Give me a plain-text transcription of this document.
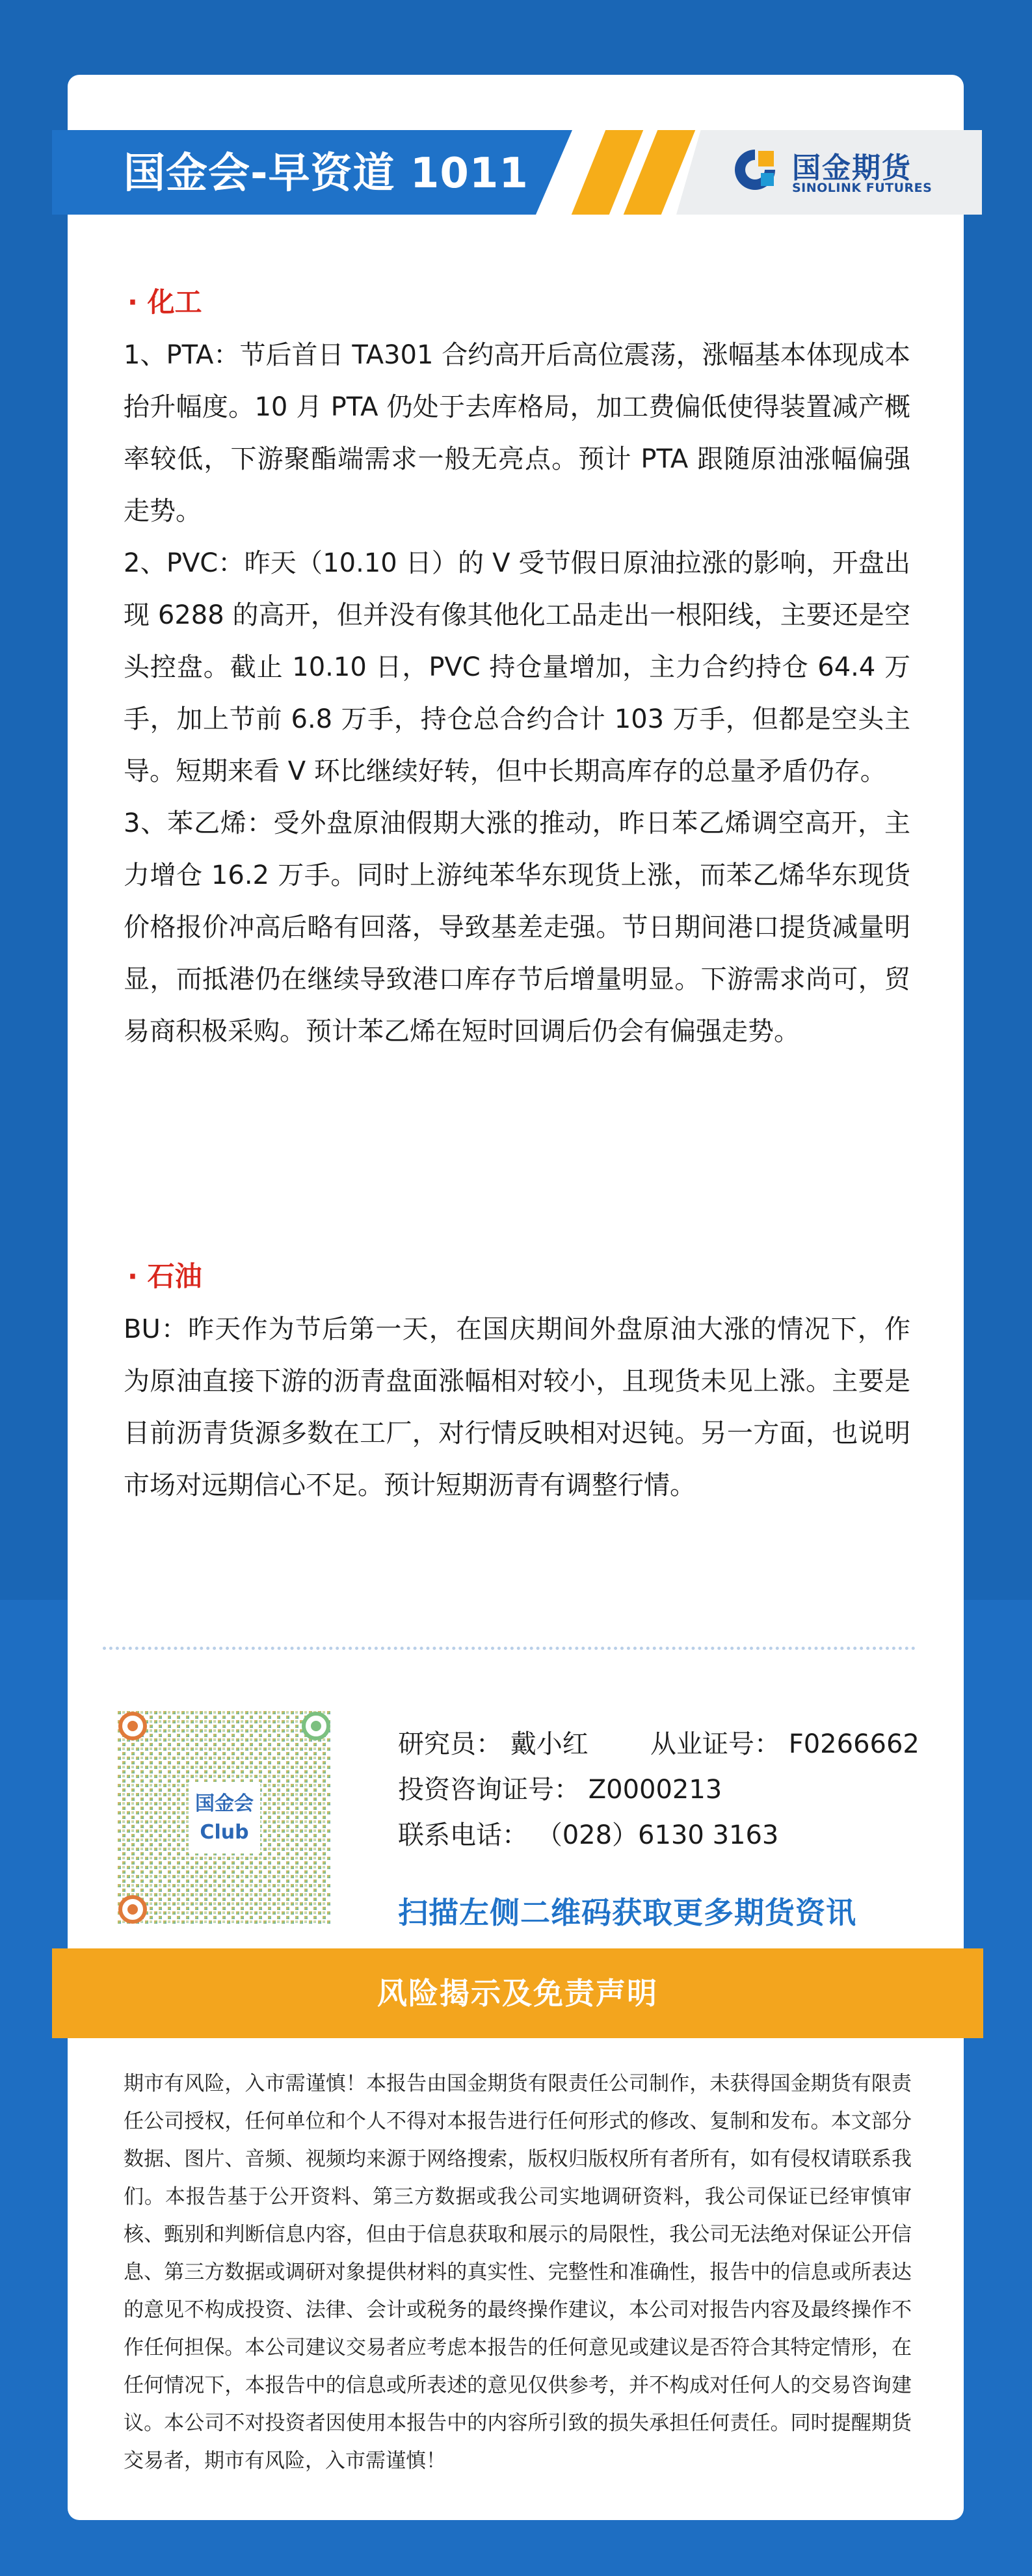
国金会-早资道 1011	国金期货
SINOLINK FUTURES
· 化工

1、PTA：节后首日 TA301 合约高开后高位震荡，涨幅基本体现成本抬升幅度。10 月 PTA 仍处于去库格局，加工费偏低使得装置减产概率较低，下游聚酯端需求一般无亮点。预计 PTA 跟随原油涨幅偏强走势。

2、PVC：昨天（10.10 日）的 V 受节假日原油拉涨的影响，开盘出现 6288 的高开，但并没有像其他化工品走出一根阳线，主要还是空头控盘。截止 10.10 日，PVC 持仓量增加，主力合约持仓 64.4 万手，加上节前 6.8 万手，持仓总合约合计 103 万手，但都是空头主导。短期来看 V 环比继续好转，但中长期高库存的总量矛盾仍存。

3、苯乙烯：受外盘原油假期大涨的推动，昨日苯乙烯调空高开，主力增仓 16.2 万手。同时上游纯苯华东现货上涨，而苯乙烯华东现货价格报价冲高后略有回落，导致基差走强。节日期间港口提货减量明显，而抵港仍在继续导致港口库存节后增量明显。下游需求尚可，贸易商积极采购。预计苯乙烯在短时回调后仍会有偏强走势。

· 石油

BU：昨天作为节后第一天，在国庆期间外盘原油大涨的情况下，作为原油直接下游的沥青盘面涨幅相对较小，且现货未见上涨。主要是目前沥青货源多数在工厂，对行情反映相对迟钝。另一方面，也说明市场对远期信心不足。预计短期沥青有调整行情。

国金会
Club
研究员： 戴小红 从业证号： F0266662
投资咨询证号： Z0000213
联系电话： （028）6130 3163
扫描左侧二维码获取更多期货资讯
风险揭示及免责声明
期市有风险，入市需谨慎！本报告由国金期货有限责任公司制作，未获得国金期货有限责任公司授权，任何单位和个人不得对本报告进行任何形式的修改、复制和发布。本文部分数据、图片、音频、视频均来源于网络搜索，版权归版权所有者所有，如有侵权请联系我们。本报告基于公开资料、第三方数据或我公司实地调研资料，我公司保证已经审慎审核、甄别和判断信息内容，但由于信息获取和展示的局限性，我公司无法绝对保证公开信息、第三方数据或调研对象提供材料的真实性、完整性和准确性，报告中的信息或所表达的意见不构成投资、法律、会计或税务的最终操作建议，本公司对报告内容及最终操作不作任何担保。本公司建议交易者应考虑本报告的任何意见或建议是否符合其特定情形，在任何情况下，本报告中的信息或所表述的意见仅供参考，并不构成对任何人的交易咨询建议。本公司不对投资者因使用本报告中的内容所引致的损失承担任何责任。同时提醒期货交易者，期市有风险，入市需谨慎！
